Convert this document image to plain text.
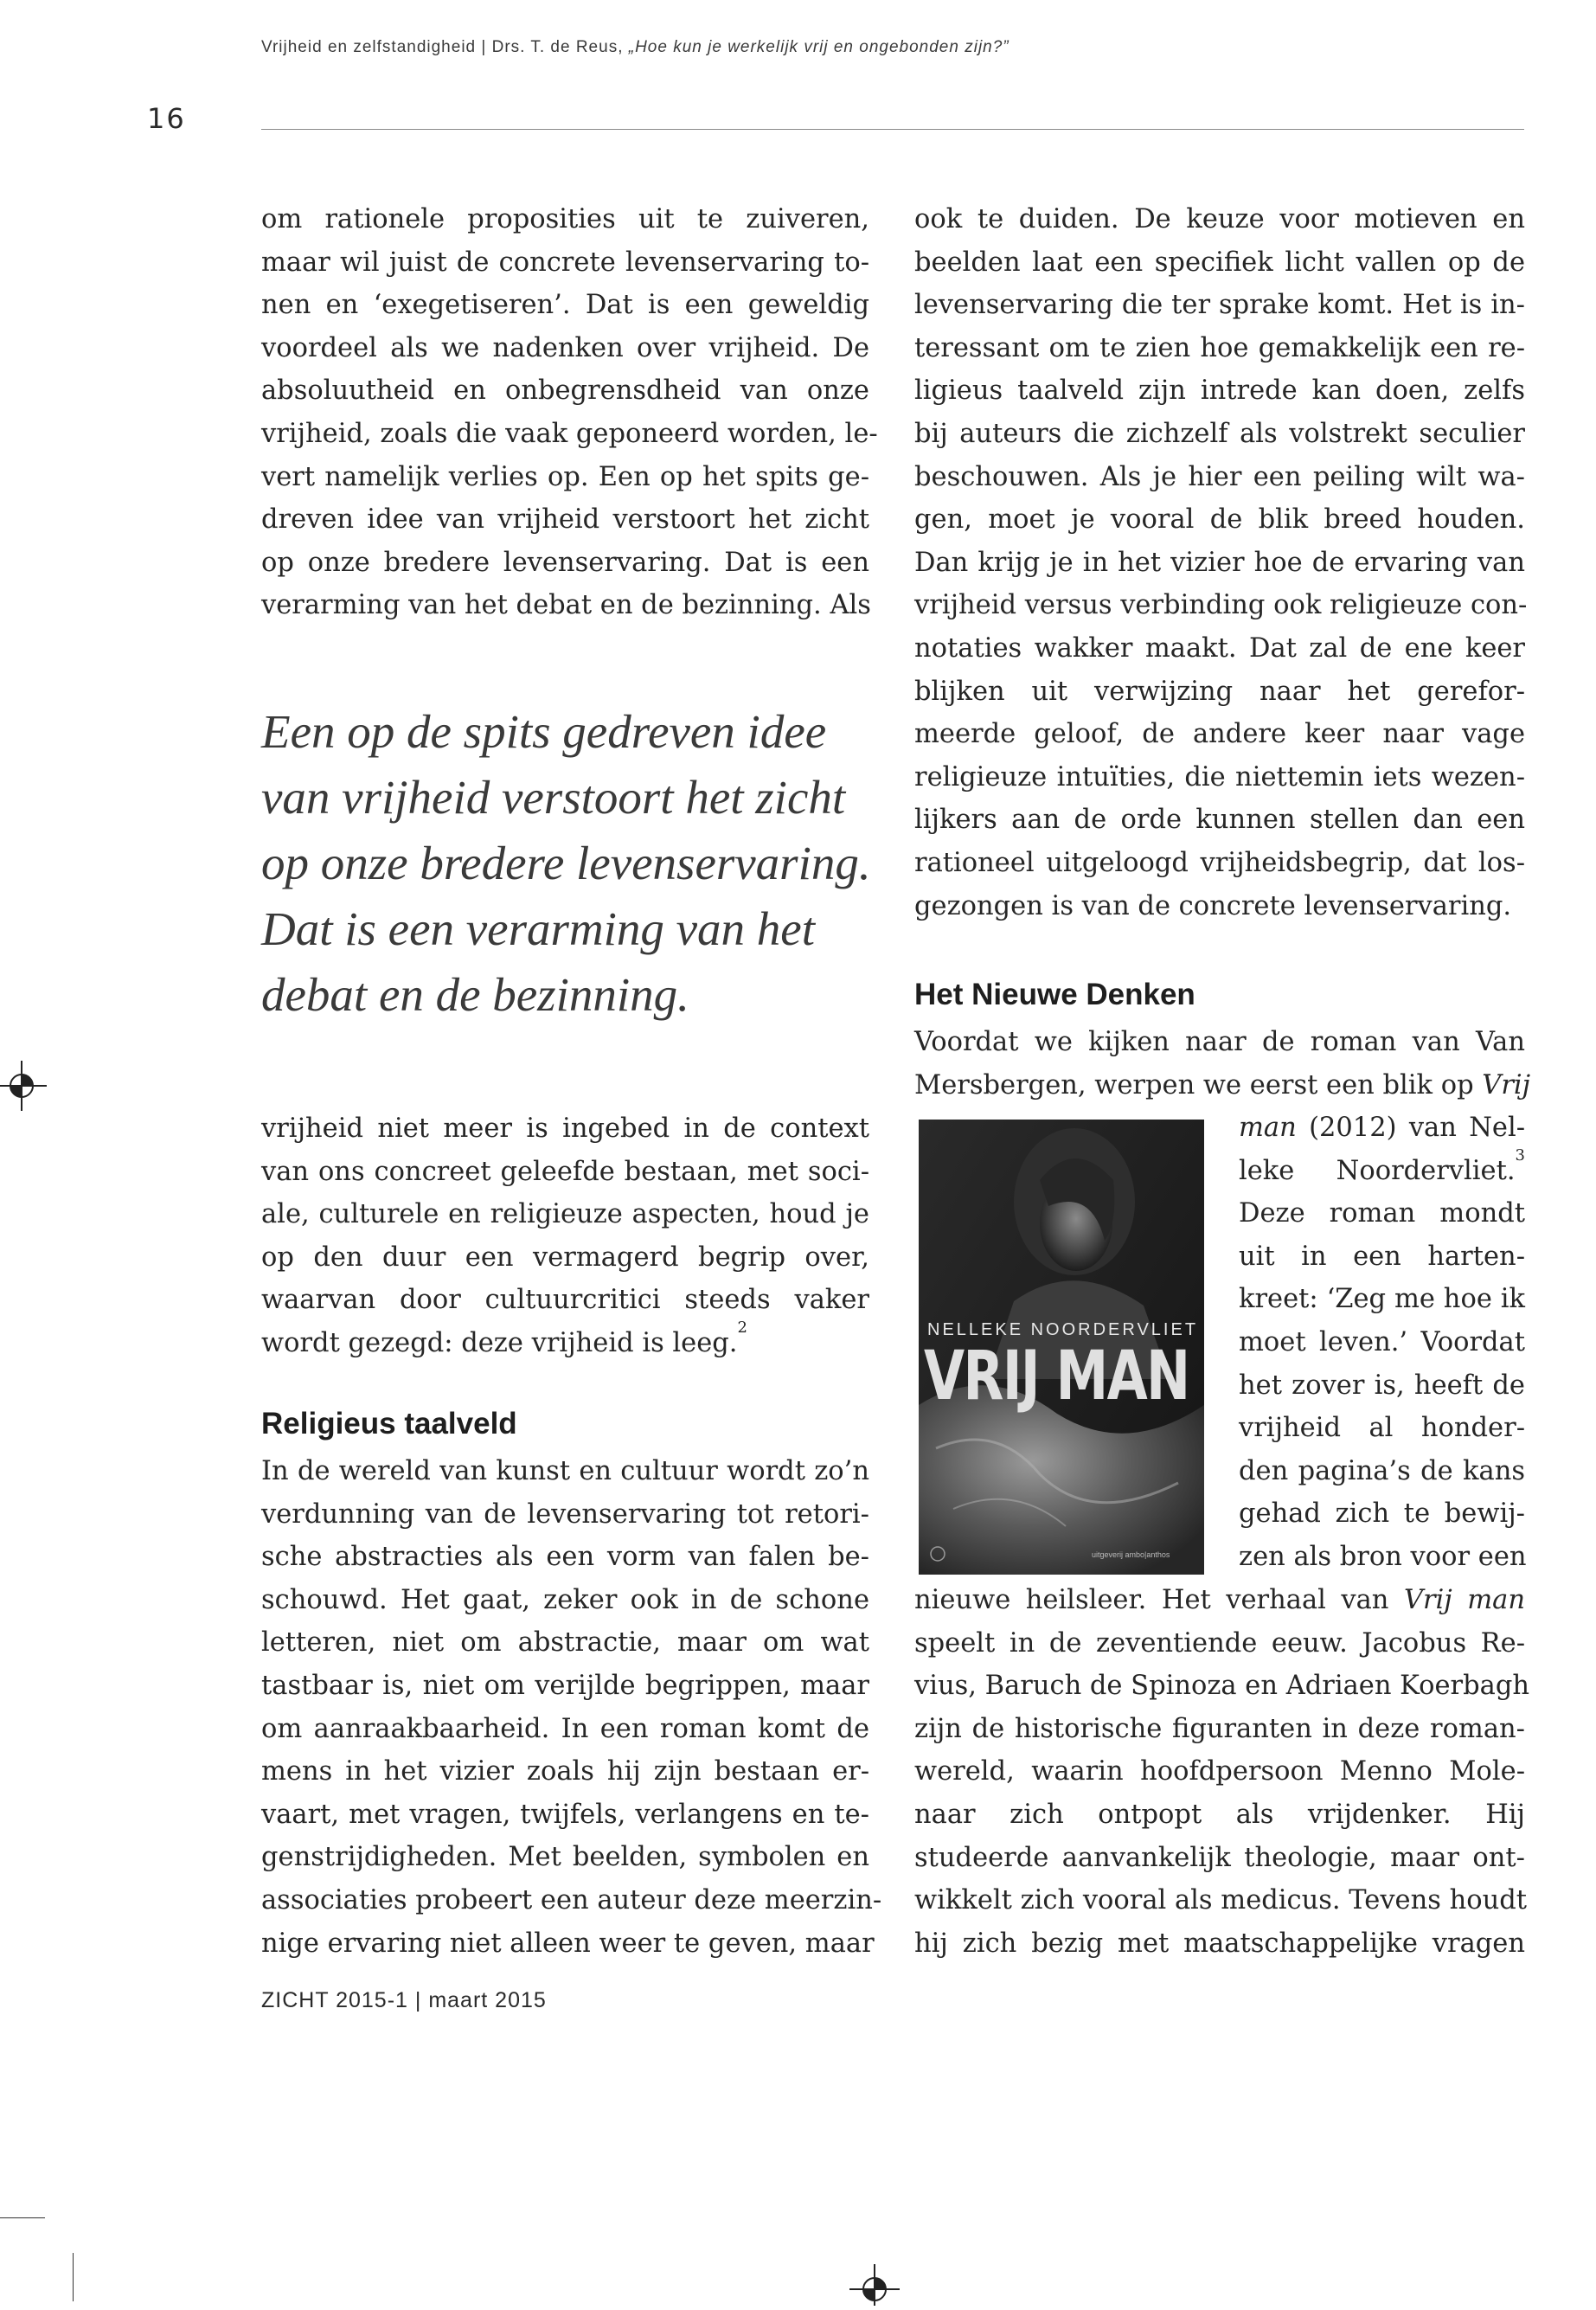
Vrijheid en zelfstandigheid | Drs. T. de Reus, „Hoe kun je werkelijk vrij en ongebonden zijn?”
16

om rationele proposities uit te zuiveren,

maar wil juist de concrete levenservaring to-

nen en ‘exegetiseren’. Dat is een geweldig

voordeel als we nadenken over vrijheid. De

absoluutheid en onbegrensdheid van onze

vrijheid, zoals die vaak geponeerd worden, le-

vert namelijk verlies op. Een op het spits ge-

dreven idee van vrijheid verstoort het zicht

op onze bredere levenservaring. Dat is een

verarming van het debat en de bezinning. Als

Een op de spits gedreven idee

van vrijheid verstoort het zicht

op onze bredere levenservaring.

Dat is een verarming van het

debat en de bezinning.

vrijheid niet meer is ingebed in de context

van ons concreet geleefde bestaan, met soci-

ale, culturele en religieuze aspecten, houd je

op den duur een vermagerd begrip over,

waarvan door cultuurcritici steeds vaker

wordt gezegd: deze vrijheid is leeg.$^2$

Religieus taalveld

In de wereld van kunst en cultuur wordt zo’n

verdunning van de levenservaring tot retori-

sche abstracties als een vorm van falen be-

schouwd. Het gaat, zeker ook in de schone

letteren, niet om abstractie, maar om wat

tastbaar is, niet om verijlde begrippen, maar

om aanraakbaarheid. In een roman komt de

mens in het vizier zoals hij zijn bestaan er-

vaart, met vragen, twijfels, verlangens en te-

genstrijdigheden. Met beelden, symbolen en

associaties probeert een auteur deze meerzin-

nige ervaring niet alleen weer te geven, maar

ook te duiden. De keuze voor motieven en

beelden laat een specifiek licht vallen op de

levenservaring die ter sprake komt. Het is in-

teressant om te zien hoe gemakkelijk een re-

ligieus taalveld zijn intrede kan doen, zelfs

bij auteurs die zichzelf als volstrekt seculier

beschouwen. Als je hier een peiling wilt wa-

gen, moet je vooral de blik breed houden.

Dan krijg je in het vizier hoe de ervaring van

vrijheid versus verbinding ook religieuze con-

notaties wakker maakt. Dat zal de ene keer

blijken uit verwijzing naar het gerefor-

meerde geloof, de andere keer naar vage

religieuze intuïties, die niettemin iets wezen-

lijkers aan de orde kunnen stellen dan een

rationeel uitgeloogd vrijheidsbegrip, dat los-

gezongen is van de concrete levenservaring.

Het Nieuwe Denken

Voordat we kijken naar de roman van Van

Mersbergen, werpen we eerst een blik op Vrij

NELLEKE NOORDERVLIET
VRIJ MAN
uitgeverij ambo|anthos

man (2012) van Nel-

leke Noordervliet.$^3$

Deze roman mondt

uit in een harten-

kreet: ‘Zeg me hoe ik

moet leven.’ Voordat

het zover is, heeft de

vrijheid al honder-

den pagina’s de kans

gehad zich te bewij-

zen als bron voor een

nieuwe heilsleer. Het verhaal van Vrij man

speelt in de zeventiende eeuw. Jacobus Re-

vius, Baruch de Spinoza en Adriaen Koerbagh

zijn de historische figuranten in deze roman-

wereld, waarin hoofdpersoon Menno Mole-

naar zich ontpopt als vrijdenker. Hij

studeerde aanvankelijk theologie, maar ont-

wikkelt zich vooral als medicus. Tevens houdt

hij zich bezig met maatschappelijke vragen

ZICHT 2015-1 | maart 2015
